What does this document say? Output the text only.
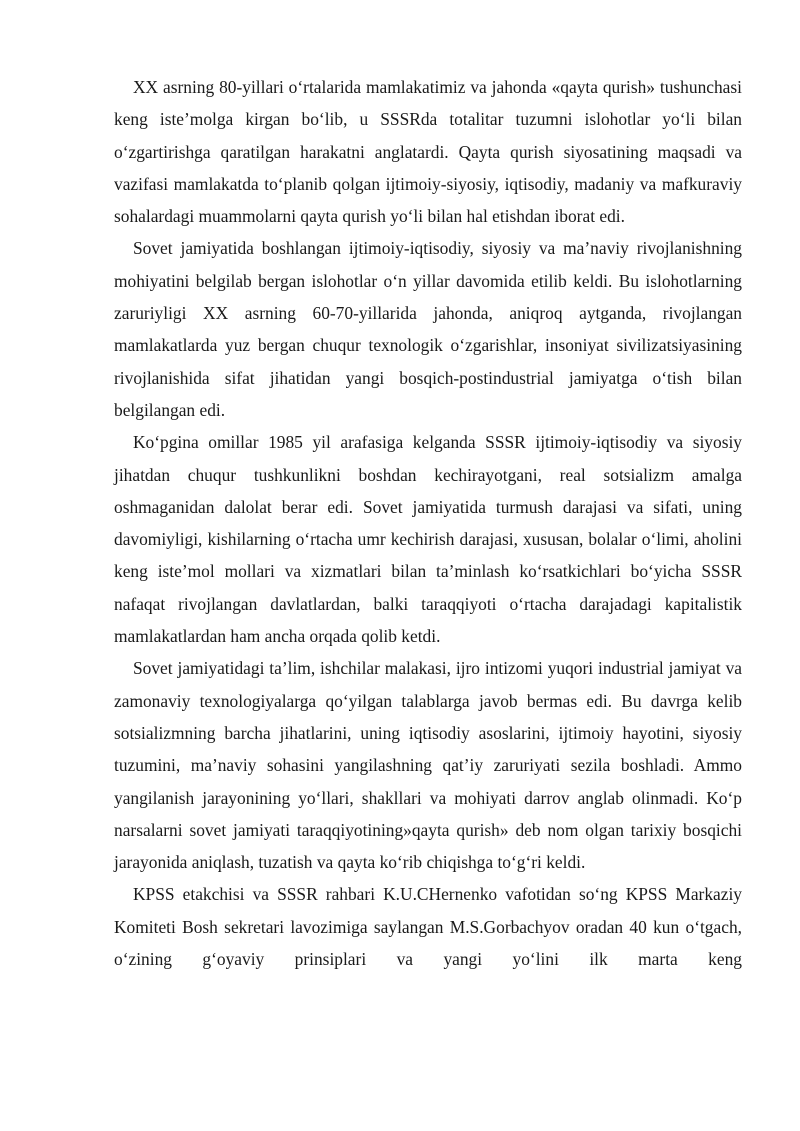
XX asrning 80-yillari o‘rtalarida mamlakatimiz va jahonda «qayta qurish» tushunchasi keng iste’molga kirgan bo‘lib, u SSSRda totalitar tuzumni islohotlar yo‘li bilan o‘zgartirishga qaratilgan harakatni anglatardi. Qayta qurish siyosatining maqsadi va vazifasi mamlakatda to‘planib qolgan ijtimoiy-siyosiy, iqtisodiy, madaniy va mafkuraviy sohalardagi muammolarni qayta qurish yo‘li bilan hal etishdan iborat edi.

Sovet jamiyatida boshlangan ijtimoiy-iqtisodiy, siyosiy va ma’naviy rivojlanishning mohiyatini belgilab bergan islohotlar o‘n yillar davomida etilib keldi. Bu islohotlarning zaruriyligi XX asrning 60-70-yillarida jahonda, aniqroq aytganda, rivojlangan mamlakatlarda yuz bergan chuqur texnologik o‘zgarishlar, insoniyat sivilizatsiyasining rivojlanishida sifat jihatidan yangi bosqich-postindustrial jamiyatga o‘tish bilan belgilangan edi.

Ko‘pgina omillar 1985 yil arafasiga kelganda SSSR ijtimoiy-iqtisodiy va siyosiy jihatdan chuqur tushkunlikni boshdan kechirayotgani, real sotsializm amalga oshmaganidan dalolat berar edi. Sovet jamiyatida turmush darajasi va sifati, uning davomiyligi, kishilarning o‘rtacha umr kechirish darajasi, xususan, bolalar o‘limi, aholini keng iste’mol mollari va xizmatlari bilan ta’minlash ko‘rsatkichlari bo‘yicha SSSR nafaqat rivojlangan davlatlardan, balki taraqqiyoti o‘rtacha darajadagi kapitalistik mamlakatlardan ham ancha orqada qolib ketdi.

Sovet jamiyatidagi ta’lim, ishchilar malakasi, ijro intizomi yuqori industrial jamiyat va zamonaviy texnologiyalarga qo‘yilgan talablarga javob bermas edi. Bu davrga kelib sotsializmning barcha jihatlarini, uning iqtisodiy asoslarini, ijtimoiy hayotini, siyosiy tuzumini, ma’naviy sohasini yangilashning qat’iy zaruriyati sezila boshladi. Ammo yangilanish jarayonining yo‘llari, shakllari va mohiyati darrov anglab olinmadi. Ko‘p narsalarni sovet jamiyati taraqqiyotining»qayta qurish» deb nom olgan tarixiy bosqichi jarayonida aniqlash, tuzatish va qayta ko‘rib chiqishga to‘g‘ri keldi.

KPSS etakchisi va SSSR rahbari K.U.CHernenko vafotidan so‘ng KPSS Markaziy Komiteti Bosh sekretari lavozimiga saylangan M.S.Gorbachyov oradan 40 kun o‘tgach, o‘zining g‘oyaviy prinsiplari va yangi yo‘lini ilk marta keng
